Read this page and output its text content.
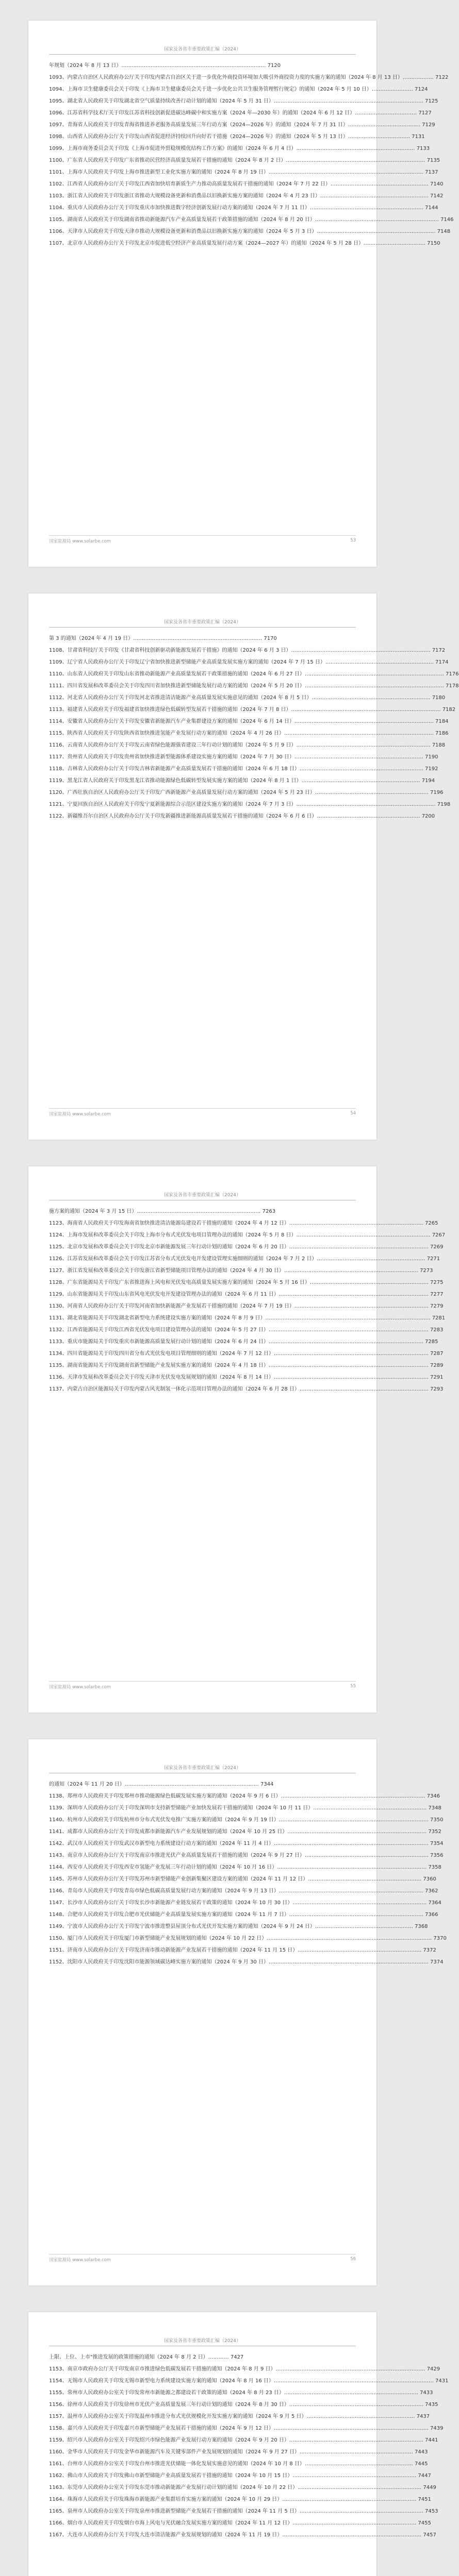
国家及各省市重要政策汇编（2024）
年规划（2024 年 8 月 13 日）………………………………………………………………………… 7120
1093、内蒙古自治区人民政府办公厅关于印发内蒙古自治区关于进一步优化外商投资环境加大吸引外商投资力度的实施方案的通知（2024 年 8 月 13 日）……………… 7122
1094、上海市卫生健康委员会关于印发《上海市卫生健康委员会关于进一步优化公共卫生服务管理暂行规定》的通知（2024 年 5 月 10 日）…………………… 7124
1095、湖北省人民政府关于印发湖北省空气质量持续改善行动计划的通知（2024 年 5 月 31 日）…………………………………………………………………………… 7125
1096、江苏省科学技术厅关于印发江苏省科技创新促进碳达峰碳中和实施方案（2024 年—2030 年）的通知（2024 年 6 月 12 日）……………………………… 7127
1097、青海省人民政府关于印发青海省推进养老服务高质量发展三年行动方案（2024—2026 年）的通知（2024 年 7 月 31 日）…………………………………… 7129
1098、山西省人民政府办公厅关于印发山西省促进经济持续回升向好若干措施（2024—2026 年）的通知（2024 年 5 月 13 日）……………………………… 7131
1099、上海市商务委员会关于印发《上海市促进外贸稳规模优结构工作方案》的通知（2024 年 6 月 4 日）…………………………………………………………… 7133
1100、广东省人民政府关于印发广东省推动民营经济高质量发展若干措施的通知（2024 年 8 月 2 日）……………………………………………………………………… 7135
1101、上海市人民政府关于印发上海市推进新型工业化实施方案的通知（2024 年 8 月 19 日）……………………………………………………………………………… 7137
1102、江西省人民政府办公厅关于印发江西省加快培育新质生产力推动高质量发展若干措施的通知（2024 年 7 月 22 日）………………………………………………… 7140
1103、浙江省人民政府关于印发浙江省推动大规模设备更新和消费品以旧换新实施方案的通知（2024 年 4 月 23 日）……………………………………………………… 7142
1104、重庆市人民政府办公厅关于印发重庆市加快推进数字经济创新发展行动方案的通知（2024 年 7 月 11 日）………………………………………………………… 7144
1105、湖南省人民政府关于印发湖南省推动新能源汽车产业高质量发展若干政策措施的通知（2024 年 8 月 20 日）……………………………………………………………… 7146
1106、天津市人民政府关于印发天津市推动大规模设备更新和消费品以旧换新实施方案的通知（2024 年 5 月 3 日）…………………………………………………………… 7148
1107、北京市人民政府办公厅关于印发北京市促进低空经济产业高质量发展行动方案（2024—2027 年）的通知（2024 年 5 月 28 日）……………………………… 7150
国家能源局 www.solarbe.com	53
国家及各省市重要政策汇编（2024）
第 3 的通知（2024 年 4 月 19 日）………………………………………………………………… 7170
1108、甘肃省科技厅关于印发《甘肃省科技创新驱动新能源发展若干措施》的通知（2024 年 6 月 3 日）……………………………………………………………………… 7172
1109、辽宁省人民政府办公厅关于印发辽宁省加快推进新型储能产业高质量发展实施方案的通知（2024 年 7 月 15 日）……………………………………………………… 7174
1110、山东省人民政府关于印发山东省推动新能源产业高质量发展若干政策措施的通知（2024 年 6 月 27 日）……………………………………………………………………… 7176
1111、四川省发展和改革委员会关于印发四川省加快推进新型储能发展行动方案的通知（2024 年 5 月 20 日）……………………………………………………………………… 7178
1112、河北省人民政府办公厅关于印发河北省推进清洁能源产业高质量发展实施意见的通知（2024 年 8 月 5 日）…………………………………………………………… 7180
1113、福建省人民政府关于印发福建省加快推进绿色低碳转型发展若干措施的通知（2024 年 7 月 8 日）…………………………………………………………………………… 7182
1114、安徽省人民政府办公厅关于印发安徽省新能源汽车产业集群建设方案的通知（2024 年 6 月 14 日）……………………………………………………………………… 7184
1115、陕西省人民政府关于印发陕西省加快推进氢能产业发展行动方案的通知（2024 年 4 月 26 日）…………………………………………………………………………… 7186
1116、云南省人民政府办公厅关于印发云南省绿色能源强省建设三年行动计划的通知（2024 年 5 月 9 日）…………………………………………………………………… 7188
1117、贵州省人民政府关于印发贵州省加快推进新型能源体系建设实施方案的通知（2024 年 7 月 30 日）………………………………………………………………… 7190
1118、吉林省人民政府办公厅关于印发吉林省新能源产业高质量发展若干措施的通知（2024 年 6 月 18 日）……………………………………………………………… 7192
1119、黑龙江省人民政府关于印发黑龙江省推动能源绿色低碳转型发展实施方案的通知（2024 年 8 月 1 日）…………………………………………………………… 7194
1120、广西壮族自治区人民政府办公厅关于印发广西新能源产业高质量发展行动方案的通知（2024 年 5 月 23 日）………………………………………………………… 7196
1121、宁夏回族自治区人民政府关于印发宁夏新能源综合示范区建设实施方案的通知（2024 年 7 月 3 日）……………………………………………………………………… 7198
1122、新疆维吾尔自治区人民政府办公厅关于印发新疆推进新能源高质量发展若干措施的通知（2024 年 6 月 6 日）…………………………………………………… 7200
国家能源局 www.solarbe.com	54
国家及各省市重要政策汇编（2024）
施方案的通知（2024 年 3 月 15 日）……………………………………………………………… 7263
1123、海南省人民政府关于印发海南省加快推进清洁能源岛建设若干措施的通知（2024 年 4 月 12 日）…………………………………………………………………… 7265
1124、上海市发展和改革委员会关于印发上海市分布式光伏发电项目管理办法的通知（2024 年 5 月 8 日）…………………………………………………………………… 7267
1125、北京市发展和改革委员会关于印发北京市新能源发展三年行动计划的通知（2024 年 6 月 20 日）……………………………………………………………………… 7269
1126、江苏省发展和改革委员会关于印发江苏省分布式光伏发电开发建设管理实施细则的通知（2024 年 7 月 2 日）……………………………………………………… 7271
1127、浙江省发展和改革委员会关于印发浙江省新型储能项目管理办法的通知（2024 年 4 月 30 日）…………………………………………………………………… 7273
1128、广东省能源局关于印发广东省推进海上风电和光伏发电高质量发展实施方案的通知（2024 年 5 月 16 日）…………………………………………………………… 7275
1129、山东省能源局关于印发山东省风电光伏发电开发建设管理办法的通知（2024 年 6 月 11 日）…………………………………………………………………………… 7277
1130、河南省人民政府办公厅关于印发河南省加快新能源产业发展若干措施的通知（2024 年 7 月 19 日）…………………………………………………………………… 7279
1131、湖北省能源局关于印发湖北省新型电力系统建设实施方案的通知（2024 年 8 月 9 日）…………………………………………………………………………………… 7281
1132、江西省能源局关于印发江西省光伏发电项目建设管理办法的通知（2024 年 5 月 27 日）………………………………………………………………………………… 7283
1133、重庆市能源局关于印发重庆市新能源高质量发展行动计划的通知（2024 年 6 月 24 日）……………………………………………………………………………… 7285
1134、四川省能源局关于印发四川省分布式光伏发电项目管理细则的通知（2024 年 7 月 12 日）……………………………………………………………………………… 7287
1135、湖南省能源局关于印发湖南省新型储能产业发展实施方案的通知（2024 年 4 月 18 日）………………………………………………………………………………… 7289
1136、天津市发展和改革委员会关于印发天津市光伏发电发展规划的通知（2024 年 8 月 14 日）……………………………………………………………………………… 7291
1137、内蒙古自治区能源局关于印发内蒙古风光制氢一体化示范项目管理办法的通知（2024 年 6 月 28 日）………………………………………………………………… 7293
国家能源局 www.solarbe.com	55
国家及各省市重要政策汇编（2024）
的通知（2024 年 11 月 20 日）…………………………………………………………………… 7344
1138、郑州市人民政府关于印发郑州市推动能源绿色低碳发展实施方案的通知（2024 年 9 月 6 日）………………………………………………………………………… 7346
1139、深圳市人民政府办公厅关于印发深圳市支持新型储能产业加快发展若干措施的通知（2024 年 10 月 11 日）………………………………………………………… 7348
1140、杭州市人民政府关于印发杭州市分布式光伏发电推广实施方案的通知（2024 年 9 月 19 日）…………………………………………………………………………… 7350
1141、成都市人民政府办公厅关于印发成都市新能源汽车产业发展规划的通知（2024 年 10 月 25 日）……………………………………………………………………… 7352
1142、武汉市人民政府关于印发武汉市新型电力系统建设行动方案的通知（2024 年 11 月 4 日）……………………………………………………………………………… 7354
1143、南京市人民政府办公厅关于印发南京市推进光伏产业高质量发展若干措施的通知（2024 年 9 月 27 日）……………………………………………………………… 7356
1144、西安市人民政府关于印发西安市氢能产业发展三年行动计划的通知（2024 年 10 月 16 日）…………………………………………………………………………… 7358
1145、苏州市人民政府办公厅关于印发苏州市新型储能产业创新集聚区建设方案的通知（2024 年 11 月 12 日）………………………………………………………… 7360
1146、青岛市人民政府关于印发青岛市绿色低碳高质量发展行动方案的通知（2024 年 9 月 13 日）………………………………………………………………………… 7362
1147、长沙市人民政府办公厅关于印发长沙市新能源产业链发展若干政策的通知（2024 年 10 月 30 日）…………………………………………………………………… 7364
1148、合肥市人民政府关于印发合肥市光伏储能产业高质量发展实施方案的通知（2024 年 11 月 7 日）…………………………………………………………………… 7366
1149、宁波市人民政府办公厅关于印发宁波市推进整县屋顶分布式光伏开发实施方案的通知（2024 年 9 月 24 日）………………………………………………… 7368
1150、厦门市人民政府关于印发厦门市新型储能产业发展规划的通知（2024 年 10 月 22 日）…………………………………………………………………………………… 7370
1151、济南市人民政府办公厅关于印发济南市推动新能源产业发展若干措施的通知（2024 年 11 月 15 日）……………………………………………………………… 7372
1152、沈阳市人民政府关于印发沈阳市能源领域碳达峰实施方案的通知（2024 年 9 月 30 日）………………………………………………………………………………… 7374
国家能源局 www.solarbe.com	56
国家及各省市重要政策汇编（2024）
上限、上位、上市"推进发展的政策措施的通知（2024 年 8 月 2 日）………… 7427
1153、南京市政府办公厅关于印发南京市推进绿色低碳发展若干措施的通知（2024 年 8 月 9 日）…………………………………………………………………………… 7429
1154、无锡市人民政府关于印发无锡市新型电力系统建设实施方案的通知（2024 年 8 月 16 日）………………………………………………………………………………… 7431
1155、常州市人民政府办公室关于印发常州市新能源之都建设若干政策的通知（2024 年 8 月 23 日）…………………………………………………………………… 7433
1156、徐州市人民政府关于印发徐州市光伏产业高质量发展三年行动计划的通知（2024 年 8 月 30 日）…………………………………………………………………… 7435
1157、温州市人民政府办公室关于印发温州市推进分布式光伏规模化开发实施方案的通知（2024 年 9 月 5 日）……………………………………………………… 7437
1158、嘉兴市人民政府关于印发嘉兴市新型储能产业发展若干措施的通知（2024 年 9 月 12 日）……………………………………………………………………………… 7439
1159、绍兴市人民政府办公室关于印发绍兴市绿色能源产业发展行动方案的通知（2024 年 9 月 20 日）…………………………………………………………………… 7441
1160、金华市人民政府关于印发金华市新能源汽车及关键零部件产业发展规划的通知（2024 年 9 月 27 日）………………………………………………………… 7443
1161、台州市人民政府办公室关于印发台州市推进光伏储能一体化发展实施意见的通知（2024 年 10 月 8 日）……………………………………………………… 7445
1162、佛山市人民政府关于印发佛山市新型储能产业高质量发展若干措施的通知（2024 年 10 月 15 日）……………………………………………………………… 7447
1163、东莞市人民政府办公室关于印发东莞市推动新能源产业发展行动计划的通知（2024 年 10 月 22 日）……………………………………………………………… 7449
1164、珠海市人民政府关于印发珠海市新能源产业集群培育实施方案的通知（2024 年 10 月 29 日）…………………………………………………………………… 7451
1165、泉州市人民政府办公室关于印发泉州市推进新型储能产业发展若干措施的通知（2024 年 11 月 5 日）……………………………………………………………… 7453
1166、烟台市人民政府关于印发烟台市海上风电与光伏融合发展实施方案的通知（2024 年 11 月 12 日）……………………………………………………………… 7455
1167、大连市人民政府办公厅关于印发大连市清洁能源产业发展规划的通知（2024 年 11 月 19 日）……………………………………………………………………… 7457
